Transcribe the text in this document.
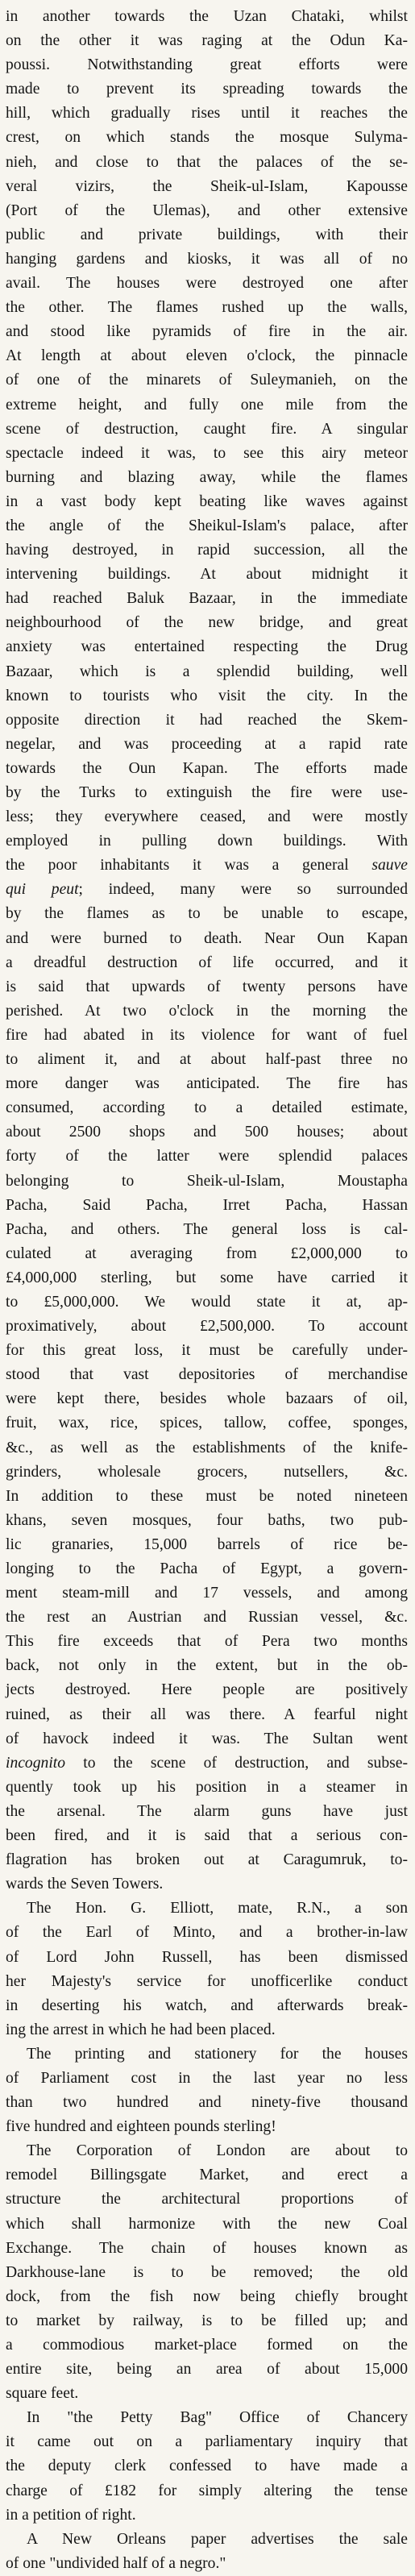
in another towards the Uzan Chataki, whilst
on the other it was raging at the Odun Ka-
poussi. Notwithstanding great efforts were
made to prevent its spreading towards the
hill, which gradually rises until it reaches the
crest, on which stands the mosque Sulyma-
nieh, and close to that the palaces of the se-
veral vizirs, the Sheik-ul-Islam, Kapousse
(Port of the Ulemas), and other extensive
public and private buildings, with their
hanging gardens and kiosks, it was all of no
avail. The houses were destroyed one after
the other. The flames rushed up the walls,
and stood like pyramids of fire in the air.
At length at about eleven o'clock, the pinnacle
of one of the minarets of Suleymanieh, on the
extreme height, and fully one mile from the
scene of destruction, caught fire. A singular
spectacle indeed it was, to see this airy meteor
burning and blazing away, while the flames
in a vast body kept beating like waves against
the angle of the Sheikul-Islam's palace, after
having destroyed, in rapid succession, all the
intervening buildings. At about midnight it
had reached Baluk Bazaar, in the immediate
neighbourhood of the new bridge, and great
anxiety was entertained respecting the Drug
Bazaar, which is a splendid building, well
known to tourists who visit the city. In the
opposite direction it had reached the Skem-
negelar, and was proceeding at a rapid rate
towards the Oun Kapan. The efforts made
by the Turks to extinguish the fire were use-
less; they everywhere ceased, and were mostly
employed in pulling down buildings. With
the poor inhabitants it was a general sauve
qui peut; indeed, many were so surrounded
by the flames as to be unable to escape,
and were burned to death. Near Oun Kapan
a dreadful destruction of life occurred, and it
is said that upwards of twenty persons have
perished. At two o'clock in the morning the
fire had abated in its violence for want of fuel
to aliment it, and at about half-past three no
more danger was anticipated. The fire has
consumed, according to a detailed estimate,
about 2500 shops and 500 houses; about
forty of the latter were splendid palaces
belonging to Sheik-ul-Islam, Moustapha
Pacha, Said Pacha, Irret Pacha, Hassan
Pacha, and others. The general loss is cal-
culated at averaging from £2,000,000 to
£4,000,000 sterling, but some have carried it
to £5,000,000. We would state it at, ap-
proximatively, about £2,500,000. To account
for this great loss, it must be carefully under-
stood that vast depositories of merchandise
were kept there, besides whole bazaars of oil,
fruit, wax, rice, spices, tallow, coffee, sponges,
&c., as well as the establishments of the knife-
grinders, wholesale grocers, nutsellers, &c.
In addition to these must be noted nineteen
khans, seven mosques, four baths, two pub-
lic granaries, 15,000 barrels of rice be-
longing to the Pacha of Egypt, a govern-
ment steam-mill and 17 vessels, and among
the rest an Austrian and Russian vessel, &c.
This fire exceeds that of Pera two months
back, not only in the extent, but in the ob-
jects destroyed. Here people are positively
ruined, as their all was there. A fearful night
of havock indeed it was. The Sultan went
incognito to the scene of destruction, and subse-
quently took up his position in a steamer in
the arsenal. The alarm guns have just
been fired, and it is said that a serious con-
flagration has broken out at Caragumruk, to-
wards the Seven Towers.
The Hon. G. Elliott, mate, R.N., a son
of the Earl of Minto, and a brother-in-law
of Lord John Russell, has been dismissed
her Majesty's service for unofficerlike conduct
in deserting his watch, and afterwards break-
ing the arrest in which he had been placed.
The printing and stationery for the houses
of Parliament cost in the last year no less
than two hundred and ninety-five thousand
five hundred and eighteen pounds sterling!
The Corporation of London are about to
remodel Billingsgate Market, and erect a
structure the architectural proportions of
which shall harmonize with the new Coal
Exchange. The chain of houses known as
Darkhouse-lane is to be removed; the old
dock, from the fish now being chiefly brought
to market by railway, is to be filled up; and
a commodious market-place formed on the
entire site, being an area of about 15,000
square feet.
In "the Petty Bag" Office of Chancery
it came out on a parliamentary inquiry that
the deputy clerk confessed to have made a
charge of £182 for simply altering the tense
in a petition of right.
A New Orleans paper advertises the sale
of one "undivided half of a negro."
